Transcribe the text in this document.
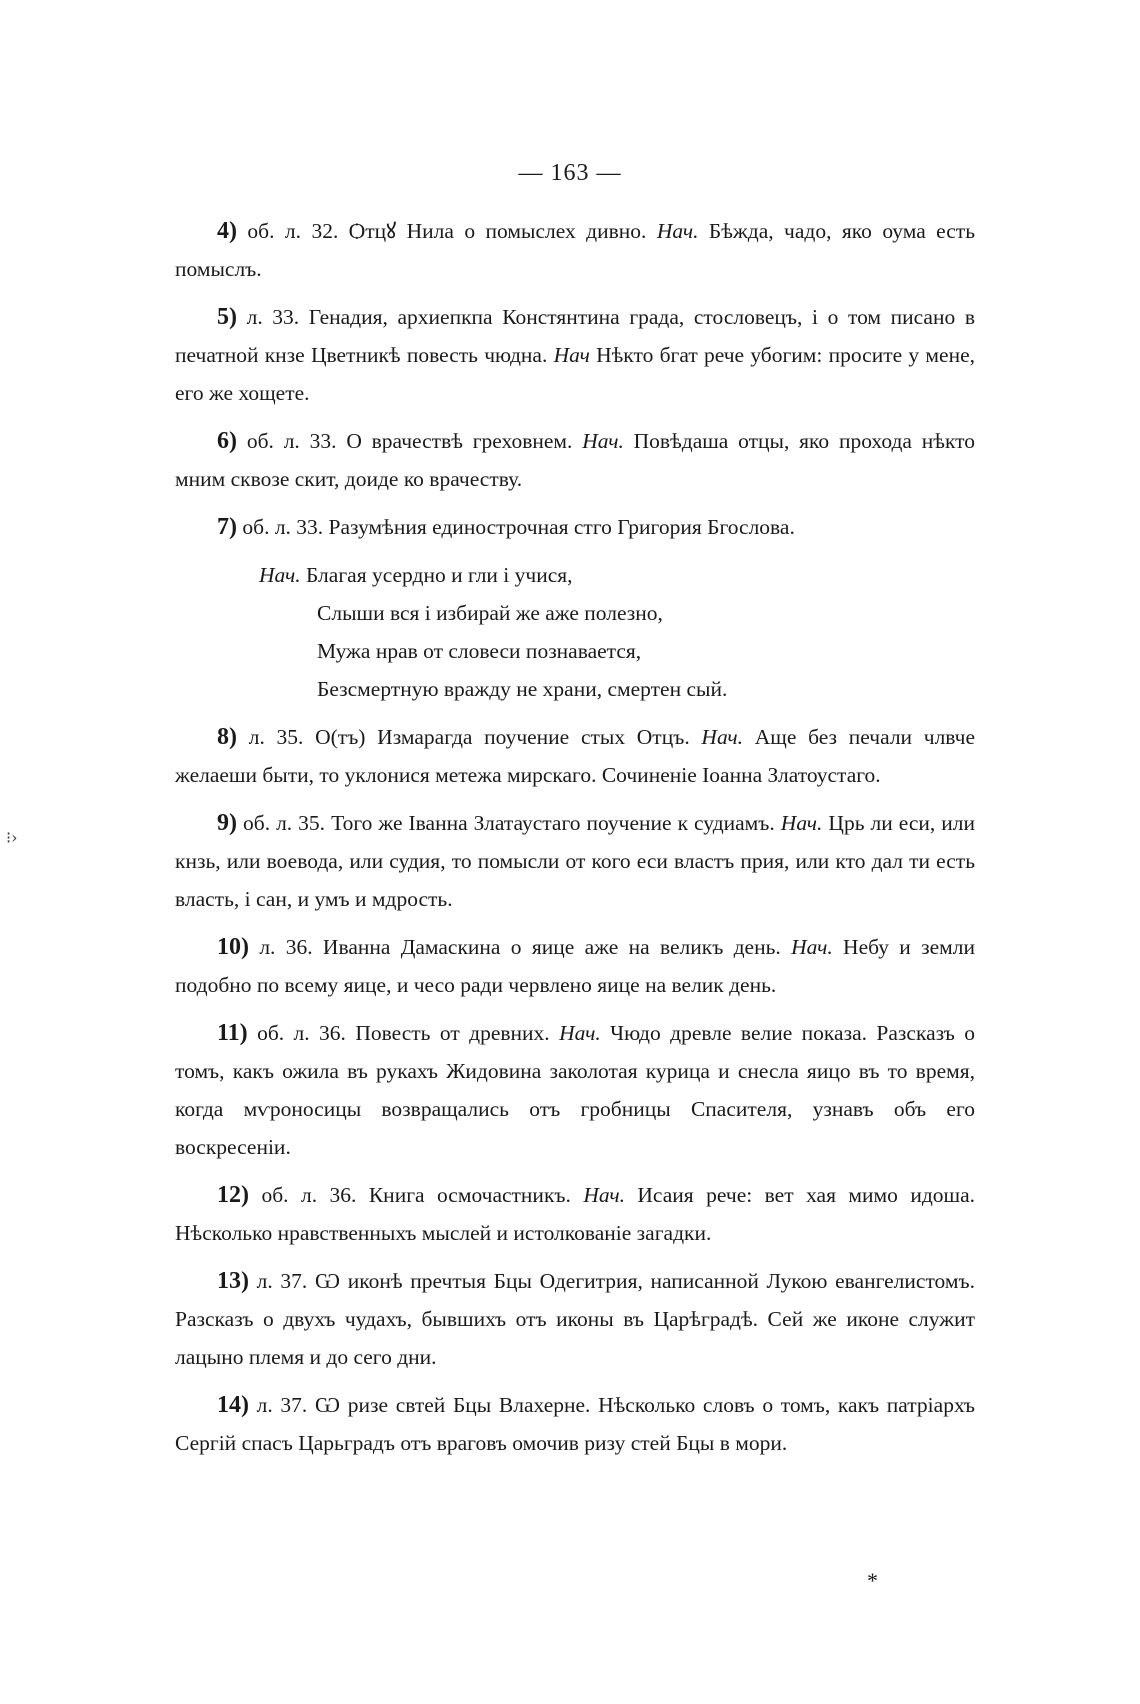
⁝›
— 163 —

4) об. л. 32. Ѻтцꙋ Нила о помыслех дивно. Нач. Бѣжда, чадо, яко оума есть помыслъ.

5) л. 33. Генадия, архиепкпа Констянтина града, стословецъ, і о том писано в печатной кнзе Цветникѣ повесть чюдна. Нач Нѣкто бгат рече убогим: просите у мене, его же хощете.

6) об. л. 33. О врачествѣ греховнем. Нач. Повѣдаша отцы, яко прохода нѣкто мним сквозе скит, доиде ко врачеству.

7) об. л. 33. Разумѣния единострочная стго Григория Бгослова.

Нач. Благая усердно и гли і учися,
Слыши вся і избирай же аже полезно,
Мужа нрав от словеси познавается,
Безсмертную вражду не храни, смертен сый.

8) л. 35. О(тъ) Измарагда поучение стых Отцъ. Нач. Аще без печали члвче желаеши быти, то уклонися метежа мирскаго. Сочиненіе Іоанна Златоустаго.

9) об. л. 35. Того же Іванна Златаустаго поучение к судиамъ. Нач. Црь ли еси, или кнзь, или воевода, или судия, то помысли от кого еси властъ прия, или кто дал ти есть власть, і сан, и умъ и мдрость.

10) л. 36. Иванна Дамаскина о яице аже на великъ день. Нач. Небу и земли подобно по всему яице, и чесо ради червлено яице на велик день.

11) об. л. 36. Повесть от древних. Нач. Чюдо древле велие показа. Разсказъ о томъ, какъ ожила въ рукахъ Жидовина заколотая курица и снесла яицо въ то время, когда мѵроносицы возвращались отъ гробницы Спасителя, узнавъ объ его воскресеніи.

12) об. л. 36. Книга осмочастникъ. Нач. Исаия рече: вет хая мимо идоша. Нѣсколько нравственныхъ мыслей и истолкованіе загадки.

13) л. 37. Ѡ иконѣ пречтыя Бцы Одегитрия, написанной Лукою евангелистомъ. Разсказъ о двухъ чудахъ, бывшихъ отъ иконы въ Царѣградѣ. Сей же иконе служит лацыно племя и до сего дни.

14) л. 37. Ѡ ризе свтей Бцы Влахерне. Нѣсколько словъ о томъ, какъ патріархъ Сергій спасъ Царьградъ отъ враговъ омочив ризу стей Бцы в мори.

*
